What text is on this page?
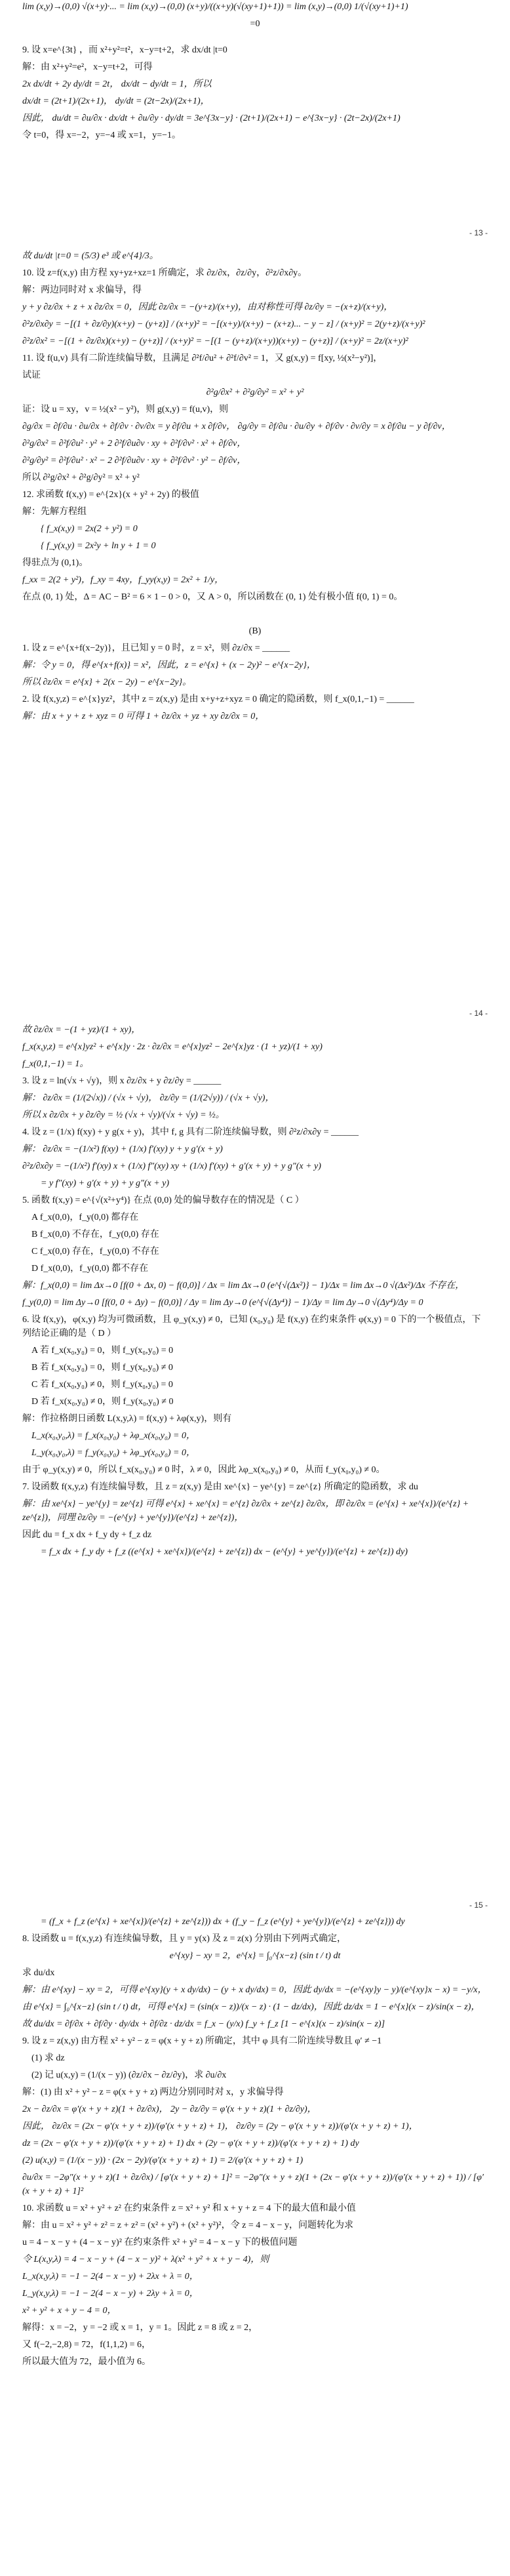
lim (x,y)→(0,0) √(x+y)·... = lim (x,y)→(0,0) (x+y)/((x+y)(√(xy+1)+1)) = lim (x,y)→(0,0) 1/(√(xy+1)+1)
=0
9. 设 x=e^{3t} ，而 x²+y²=t²，x−y=t+2，求 dx/dt |t=0
解：由 x²+y²=e²，x−y=t+2，可得
2x dx/dt + 2y dy/dt = 2t， dx/dt − dy/dt = 1，所以
dx/dt = (2t+1)/(2x+1)， dy/dt = (2t−2x)/(2x+1)，
因此， du/dt = ∂u/∂x · dx/dt + ∂u/∂y · dy/dt = 3e^{3x−y} · (2t+1)/(2x+1) − e^{3x−y} · (2t−2x)/(2x+1)
令 t=0，得 x=−2，y=−4 或 x=1，y=−1。
- 13 -
故 du/dt |t=0 = (5/3) e³ 或 e^{4}/3。
10. 设 z=f(x,y) 由方程 xy+yz+xz=1 所确定，求 ∂z/∂x，∂z/∂y，∂²z/∂x∂y。
解：两边同时对 x 求偏导，得
y + y ∂z/∂x + z + x ∂z/∂x = 0，因此 ∂z/∂x = −(y+z)/(x+y)，由对称性可得 ∂z/∂y = −(x+z)/(x+y)，
∂²z/∂x∂y = −[(1 + ∂z/∂y)(x+y) − (y+z)] / (x+y)² = −[(x+y)/(x+y) − (x+z)... − y − z] / (x+y)² = 2(y+z)/(x+y)²
∂²z/∂x² = −[(1 + ∂z/∂x)(x+y) − (y+z)] / (x+y)² = −[(1 − (y+z)/(x+y))(x+y) − (y+z)] / (x+y)² = 2z/(x+y)²
11. 设 f(u,v) 具有二阶连续偏导数，且满足 ∂²f/∂u² + ∂²f/∂v² = 1，又 g(x,y) = f[xy, ½(x²−y²)]，
试证
∂²g/∂x² + ∂²g/∂y² = x² + y²
证：设 u = xy，v = ½(x² − y²)，则 g(x,y) = f(u,v)，则
∂g/∂x = ∂f/∂u · ∂u/∂x + ∂f/∂v · ∂v/∂x = y ∂f/∂u + x ∂f/∂v， ∂g/∂y = ∂f/∂u · ∂u/∂y + ∂f/∂v · ∂v/∂y = x ∂f/∂u − y ∂f/∂v，
∂²g/∂x² = ∂²f/∂u² · y² + 2 ∂²f/∂u∂v · xy + ∂²f/∂v² · x² + ∂f/∂v，
∂²g/∂y² = ∂²f/∂u² · x² − 2 ∂²f/∂u∂v · xy + ∂²f/∂v² · y² − ∂f/∂v，
所以 ∂²g/∂x² + ∂²g/∂y² = x² + y²
12. 求函数 f(x,y) = e^{2x}(x + y² + 2y) 的极值
解：先解方程组
{ f_x(x,y) = 2x(2 + y²) = 0
{ f_y(x,y) = 2x²y + ln y + 1 = 0
得驻点为 (0,1)。
f_xx = 2(2 + y²)，f_xy = 4xy，f_yy(x,y) = 2x² + 1/y，
在点 (0, 1) 处，Δ = AC − B² = 6 × 1 − 0 > 0，又 A > 0，所以函数在 (0, 1) 处有极小值 f(0, 1) = 0。
(B)
1. 设 z = e^{x+f(x−2y)}，且已知 y = 0 时，z = x²，则 ∂z/∂x = ______
解：令 y = 0，得 e^{x+f(x)} = x²，因此，z = e^{x} + (x − 2y)² − e^{x−2y}，
所以 ∂z/∂x = e^{x} + 2(x − 2y) − e^{x−2y}。
2. 设 f(x,y,z) = e^{x}yz²，其中 z = z(x,y) 是由 x+y+z+xyz = 0 确定的隐函数，则 f_x(0,1,−1) = ______
解：由 x + y + z + xyz = 0 可得 1 + ∂z/∂x + yz + xy ∂z/∂x = 0，
- 14 -
故 ∂z/∂x = −(1 + yz)/(1 + xy)，
f_x(x,y,z) = e^{x}yz² + e^{x}y · 2z · ∂z/∂x = e^{x}yz² − 2e^{x}yz · (1 + yz)/(1 + xy)
f_x(0,1,−1) = 1。
3. 设 z = ln(√x + √y)，则 x ∂z/∂x + y ∂z/∂y = ______
解： ∂z/∂x = (1/(2√x)) / (√x + √y)， ∂z/∂y = (1/(2√y)) / (√x + √y)，
所以 x ∂z/∂x + y ∂z/∂y = ½ (√x + √y)/(√x + √y) = ½。
4. 设 z = (1/x) f(xy) + y g(x + y)，其中 f, g 具有二阶连续偏导数，则 ∂²z/∂x∂y = ______
解： ∂z/∂x = −(1/x²) f(xy) + (1/x) f′(xy) y + y g′(x + y)
∂²z/∂x∂y = −(1/x²) f′(xy) x + (1/x) f″(xy) xy + (1/x) f′(xy) + g′(x + y) + y g″(x + y)
= y f″(xy) + g′(x + y) + y g″(x + y)
5. 函数 f(x,y) = e^{√(x²+y⁴)} 在点 (0,0) 处的偏导数存在的情况是（ C ）
A f_x(0,0)，f_y(0,0) 都存在
B f_x(0,0) 不存在，f_y(0,0) 存在
C f_x(0,0) 存在，f_y(0,0) 不存在
D f_x(0,0)，f_y(0,0) 都不存在
解：f_x(0,0) = lim Δx→0 [f(0 + Δx, 0) − f(0,0)] / Δx = lim Δx→0 (e^{√(Δx²)} − 1)/Δx = lim Δx→0 √(Δx²)/Δx 不存在，
f_y(0,0) = lim Δy→0 [f(0, 0 + Δy) − f(0,0)] / Δy = lim Δy→0 (e^{√(Δy⁴)} − 1)/Δy = lim Δy→0 √(Δy⁴)/Δy = 0
6. 设 f(x,y)，φ(x,y) 均为可微函数，且 φ_y(x,y) ≠ 0，已知 (x₀,y₀) 是 f(x,y) 在约束条件 φ(x,y) = 0 下的一个极值点，下列结论正确的是（ D ）
A 若 f_x(x₀,y₀) = 0，则 f_y(x₀,y₀) = 0
B 若 f_x(x₀,y₀) = 0，则 f_y(x₀,y₀) ≠ 0
C 若 f_x(x₀,y₀) ≠ 0，则 f_y(x₀,y₀) = 0
D 若 f_x(x₀,y₀) ≠ 0，则 f_y(x₀,y₀) ≠ 0
解：作拉格朗日函数 L(x,y,λ) = f(x,y) + λφ(x,y)，则有
L_x(x₀,y₀,λ) = f_x(x₀,y₀) + λφ_x(x₀,y₀) = 0，
L_y(x₀,y₀,λ) = f_y(x₀,y₀) + λφ_y(x₀,y₀) = 0，
由于 φ_y(x,y) ≠ 0，所以 f_x(x₀,y₀) ≠ 0 时，λ ≠ 0，因此 λφ_x(x₀,y₀) ≠ 0，从而 f_y(x₀,y₀) ≠ 0。
7. 设函数 f(x,y,z) 有连续偏导数，且 z = z(x,y) 是由 xe^{x} − ye^{y} = ze^{z} 所确定的隐函数，求 du
解：由 xe^{x} − ye^{y} = ze^{z} 可得 e^{x} + xe^{x} = e^{z} ∂z/∂x + ze^{z} ∂z/∂x，即 ∂z/∂x = (e^{x} + xe^{x})/(e^{z} + ze^{z})，同理 ∂z/∂y = −(e^{y} + ye^{y})/(e^{z} + ze^{z})，
因此 du = f_x dx + f_y dy + f_z dz
= f_x dx + f_y dy + f_z ((e^{x} + xe^{x})/(e^{z} + ze^{z}) dx − (e^{y} + ye^{y})/(e^{z} + ze^{z}) dy)
- 15 -
= (f_x + f_z (e^{x} + xe^{x})/(e^{z} + ze^{z})) dx + (f_y − f_z (e^{y} + ye^{y})/(e^{z} + ze^{z})) dy
8. 设函数 u = f(x,y,z) 有连续偏导数，且 y = y(x) 及 z = z(x) 分别由下列两式确定，
e^{xy} − xy = 2，e^{x} = ∫₀^{x−z} (sin t / t) dt
求 du/dx
解：由 e^{xy} − xy = 2，可得 e^{xy}(y + x dy/dx) − (y + x dy/dx) = 0，因此 dy/dx = −(e^{xy}y − y)/(e^{xy}x − x) = −y/x，
由 e^{x} = ∫₀^{x−z} (sin t / t) dt，可得 e^{x} = (sin(x − z))/(x − z) · (1 − dz/dx)，因此 dz/dx = 1 − e^{x}(x − z)/sin(x − z)，
故 du/dx = ∂f/∂x + ∂f/∂y · dy/dx + ∂f/∂z · dz/dx = f_x − (y/x) f_y + f_z [1 − e^{x}(x − z)/sin(x − z)]
9. 设 z = z(x,y) 由方程 x² + y² − z = φ(x + y + z) 所确定，其中 φ 具有二阶连续导数且 φ′ ≠ −1
(1) 求 dz
(2) 记 u(x,y) = (1/(x − y)) (∂z/∂x − ∂z/∂y)，求 ∂u/∂x
解：(1) 由 x² + y² − z = φ(x + y + z) 两边分别同时对 x，y 求偏导得
2x − ∂z/∂x = φ′(x + y + z)(1 + ∂z/∂x)， 2y − ∂z/∂y = φ′(x + y + z)(1 + ∂z/∂y)，
因此， ∂z/∂x = (2x − φ′(x + y + z))/(φ′(x + y + z) + 1)， ∂z/∂y = (2y − φ′(x + y + z))/(φ′(x + y + z) + 1)，
dz = (2x − φ′(x + y + z))/(φ′(x + y + z) + 1) dx + (2y − φ′(x + y + z))/(φ′(x + y + z) + 1) dy
(2) u(x,y) = (1/(x − y)) · (2x − 2y)/(φ′(x + y + z) + 1) = 2/(φ′(x + y + z) + 1)
∂u/∂x = −2φ″(x + y + z)(1 + ∂z/∂x) / [φ′(x + y + z) + 1]² = −2φ″(x + y + z)(1 + (2x − φ′(x + y + z))/(φ′(x + y + z) + 1)) / [φ′(x + y + z) + 1]²
10. 求函数 u = x² + y² + z² 在约束条件 z = x² + y² 和 x + y + z = 4 下的最大值和最小值
解：由 u = x² + y² + z² = z + z² = (x² + y²) + (x² + y²)²，令 z = 4 − x − y，问题转化为求
u = 4 − x − y + (4 − x − y)² 在约束条件 x² + y² = 4 − x − y 下的极值问题
令 L(x,y,λ) = 4 − x − y + (4 − x − y)² + λ(x² + y² + x + y − 4)，则
L_x(x,y,λ) = −1 − 2(4 − x − y) + 2λx + λ = 0，
L_y(x,y,λ) = −1 − 2(4 − x − y) + 2λy + λ = 0，
x² + y² + x + y − 4 = 0，
解得：x = −2，y = −2 或 x = 1，y = 1。因此 z = 8 或 z = 2，
又 f(−2,−2,8) = 72，f(1,1,2) = 6，
所以最大值为 72，最小值为 6。
